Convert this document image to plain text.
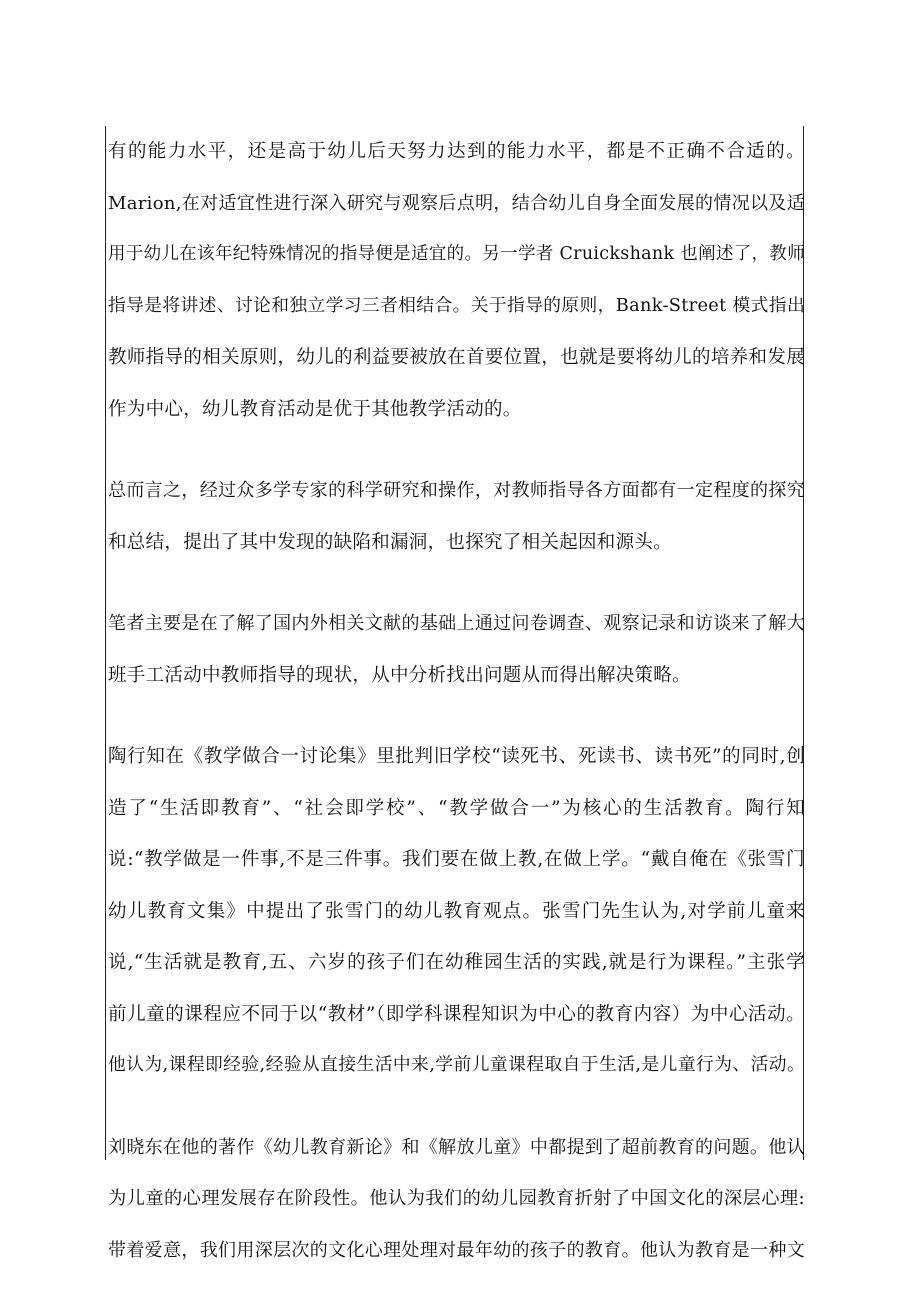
有的能力水平，还是高于幼儿后天努力达到的能力水平，都是不正确不合适的。
Marion,在对适宜性进行深入研究与观察后点明，结合幼儿自身全面发展的情况以及适
用于幼儿在该年纪特殊情况的指导便是适宜的。另一学者 Cruickshank 也阐述了，教师
指导是将讲述、讨论和独立学习三者相结合。关于指导的原则，Bank-Street 模式指出
教师指导的相关原则，幼儿的利益要被放在首要位置，也就是要将幼儿的培养和发展
作为中心，幼儿教育活动是优于其他教学活动的。
总而言之，经过众多学专家的科学研究和操作，对教师指导各方面都有一定程度的探究
和总结，提出了其中发现的缺陷和漏洞，也探究了相关起因和源头。
笔者主要是在了解了国内外相关文献的基础上通过问卷调查、观察记录和访谈来了解大
班手工活动中教师指导的现状，从中分析找出问题从而得出解决策略。
陶行知在《教学做合一讨论集》里批判旧学校“读死书、死读书、读书死”的同时,创
造了“生活即教育”、“社会即学校”、“教学做合一”为核心的生活教育。陶行知
说:“教学做是一件事,不是三件事。我们要在做上教,在做上学。“戴自俺在《张雪门
幼儿教育文集》中提出了张雪门的幼儿教育观点。张雪门先生认为,对学前儿童来
说,“生活就是教育,五、六岁的孩子们在幼稚园生活的实践,就是行为课程。”主张学
前儿童的课程应不同于以“教材”（即学科课程知识为中心的教育内容）为中心活动。
他认为,课程即经验,经验从直接生活中来,学前儿童课程取自于生活,是儿童行为、活动。
刘晓东在他的著作《幼儿教育新论》和《解放儿童》中都提到了超前教育的问题。他认
为儿童的心理发展存在阶段性。他认为我们的幼儿园教育折射了中国文化的深层心理:
带着爱意，我们用深层次的文化心理处理对最年幼的孩子的教育。他认为教育是一种文
